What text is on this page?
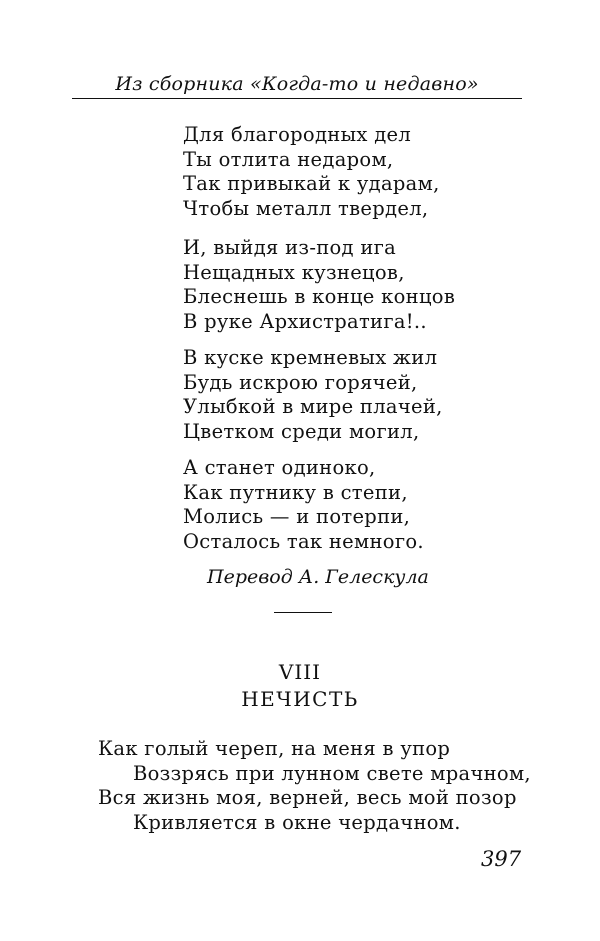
Из сборника «Когда-то и недавно»
Для благородных дел
Ты отлита недаром,
Так привыкай к ударам,
Чтобы металл твердел,
И, выйдя из-под ига
Нещадных кузнецов,
Блеснешь в конце концов
В руке Архистратига!..
В куске кремневых жил
Будь искрою горячей,
Улыбкой в мире плачей,
Цветком среди могил,
А станет одиноко,
Как путнику в степи,
Молись — и потерпи,
Осталось так немного.
Перевод А. Гелескула
VIII
НЕЧИСТЬ
Как голый череп, на меня в упор
Воззрясь при лунном свете мрачном,
Вся жизнь моя, верней, весь мой позор
Кривляется в окне чердачном.
397
